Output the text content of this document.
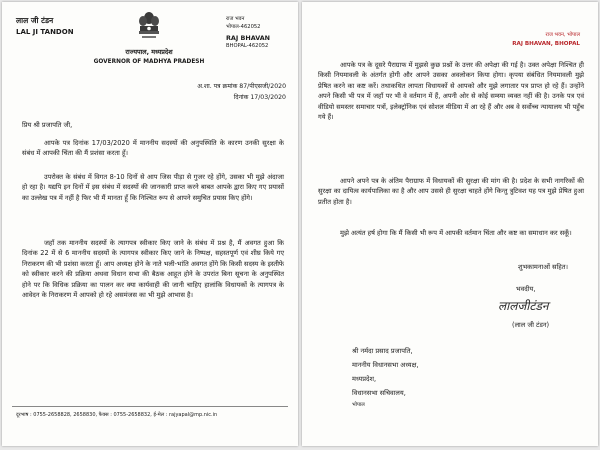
लाल जी टंडन
LAL JI TANDON
राज्यपाल, मध्यप्रदेश
GOVERNOR OF MADHYA PRADESH
राज भवन
भोपाल-462052
RAJ BHAVAN
BHOPAL-462052
अ.शा. पत्र क्रमांक 87/पीएसजी/2020
दिनांक 17/03/2020
प्रिय श्री प्रजापति जी,

आपके पत्र दिनांक 17/03/2020 में माननीय सदस्यों की अनुपस्थिति के कारण उनकी सुरक्षा के संबंध में आपकी चिंता की मैं प्रशंसा करता हूँ।

उपरोक्त के संबंध में विगत 8-10 दिनों से आप जिस पीड़ा से गुजर रहे होंगे, उसका भी मुझे अंदाजा हो रहा है। यद्यपि इन दिनों में इस संबंध में सदस्यों की जानकारी प्राप्त करने बाबत आपके द्वारा किए गए प्रयासों का उल्लेख पत्र में नहीं है फिर भी मैं मानता हूँ कि निश्चित रूप से आपने समुचित प्रयास किए होंगे।

जहाँ तक माननीय सदस्यों के त्यागपत्र स्वीकार किए जाने के संबंध में प्रश्न है, मैं अवगत हुआ कि दिनांक 22 में से 6 माननीय सदस्यों के त्यागपत्र स्वीकार किए जाने के निष्पक्ष, सहस्तपूर्ण एवं शीघ्र किये गए निराकरण की भी प्रशंसा करता हूँ। आप अध्यक्ष होने के नाते भली-भांति अवगत होंगे कि किसी सदस्य के इस्तीफे को स्वीकार करने की प्रक्रिया अथवा विधान सभा की बैठक आहूत होने के उपरांत बिना सूचना के अनुपस्थित होने पर कि विधिक प्रक्रिया का पालन कर क्या कार्यवाही की जानी चाहिए हालांकि विधायकों के त्यागपत्र के आवेदन के निराकरण में आपको हो रहे असमंजस का भी मुझे आभास है।

दूरभाष : 0755-2658828, 2658830, फैक्स : 0755-2658832, ई-मेल : rajyapal@mp.nic.in
राज भवन, भोपाल
RAJ BHAVAN, BHOPAL

आपके पत्र के दूसरे पैराग्राफ में मुझसे कुछ प्रश्नों के उत्तर की अपेक्षा की गई है। उक्त अपेक्षा निश्चित ही किसी नियमावली के अंतर्गत होगी और आपने उसका अवलोकन किया होगा। कृपया संबंधित नियमावली मुझे प्रेषित करने का कष्ट करें। तथाकथित लापता विधायकों से आपको और मुझे लगातार पत्र प्राप्त हो रहे हैं। उन्होंने अपने किसी भी पत्र में जहाँ पर भी वे वर्तमान में हैं, अपनी ओर से कोई सम्स्या व्यक्त नहीं की है। उनके पत्र एवं वीडियो समस्तर समाचार पत्रों, इलेक्ट्रॉनिक एवं सोशल मीडिया में आ रहे हैं और अब वे सर्वोच्च न्यायालय भी पहुँच गये हैं।

आपने अपने पत्र के अंतिम पैराग्राफ में विधायकों की सुरक्षा की मांग की है। प्रदेश के सभी नागरिकों की सुरक्षा का दायित्व कार्यपालिका का है और आप उससे ही सुरक्षा चाहते होंगे किन्तु त्रुटिवश यह पत्र मुझे प्रेषित हुआ प्रतीत होता है।

मुझे अत्यंत हर्ष होगा कि मैं किसी भी रूप में आपकी वर्तमान चिंता और कष्ट का समाधान कर सकूँ।

शुभकामनाओं सहित।
भवदीय,
लालजीटंडन
(लाल जी टंडन)
श्री नर्मदा प्रसाद प्रजापति,
माननीय विधानसभा अध्यक्ष,
मध्यप्रदेश,
विधानसभा सचिवालय,
भोपाल
